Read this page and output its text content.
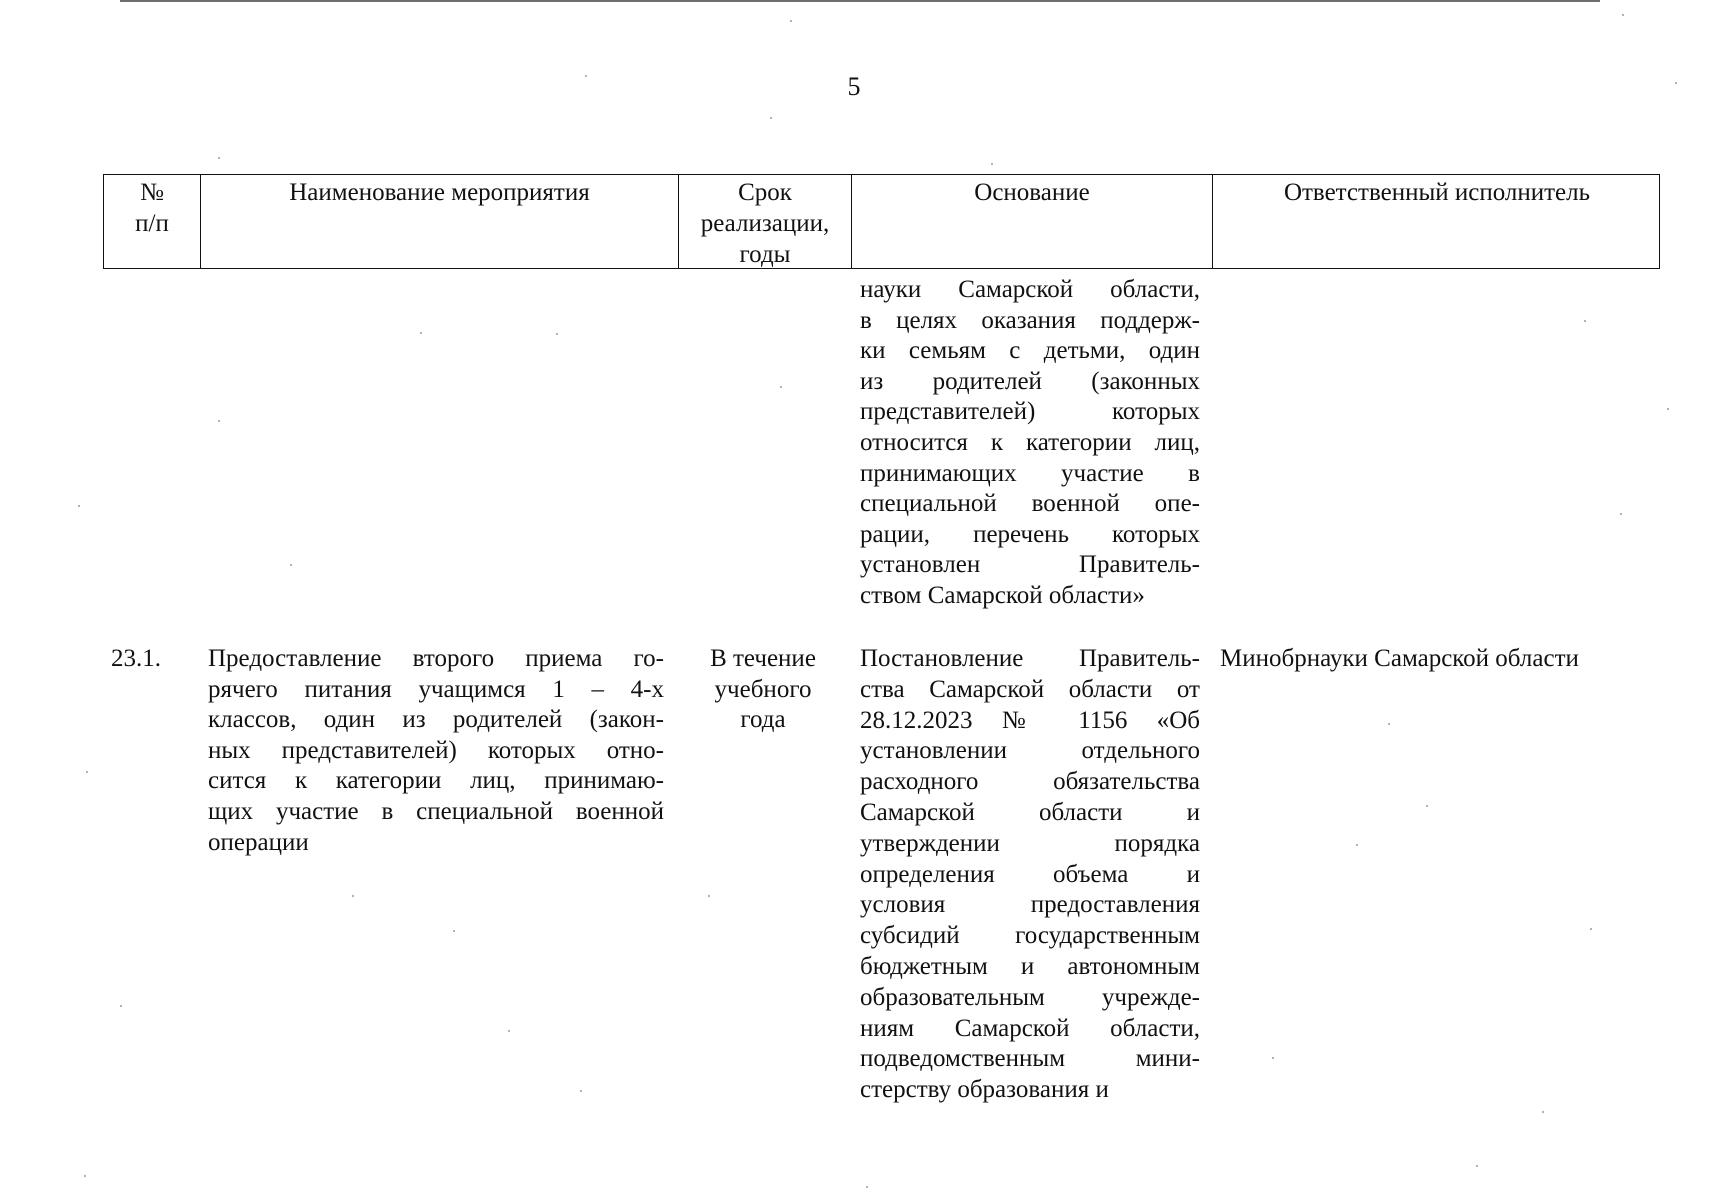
5
№
п/п
Наименование мероприятия	Срок
реализации,
годы
Основание	Ответственный исполнитель
науки Самарской области,
в целях оказания поддерж-
ки семьям с детьми, один
из родителей (законных
представителей) которых
относится к категории лиц,
принимающих участие в
специальной военной опе-
рации, перечень которых
установлен Правитель-
ством Самарской области»
23.1. Предоставление второго приема го-
рячего питания учащимся 1 – 4-х
классов, один из родителей (закон-
ных представителей) которых отно-
сится к категории лиц, принимаю-
щих участие в специальной военной
операции
В течение
учебного
года
Постановление Правитель-
ства Самарской области от
28.12.2023 № 1156 «Об
установлении отдельного
расходного обязательства
Самарской области и
утверждении порядка
определения объема и
условия предоставления
субсидий государственным
бюджетным и автономным
образовательным учрежде-
ниям Самарской области,
подведомственным мини-
стерству образования и
Минобрнауки Самарской области
